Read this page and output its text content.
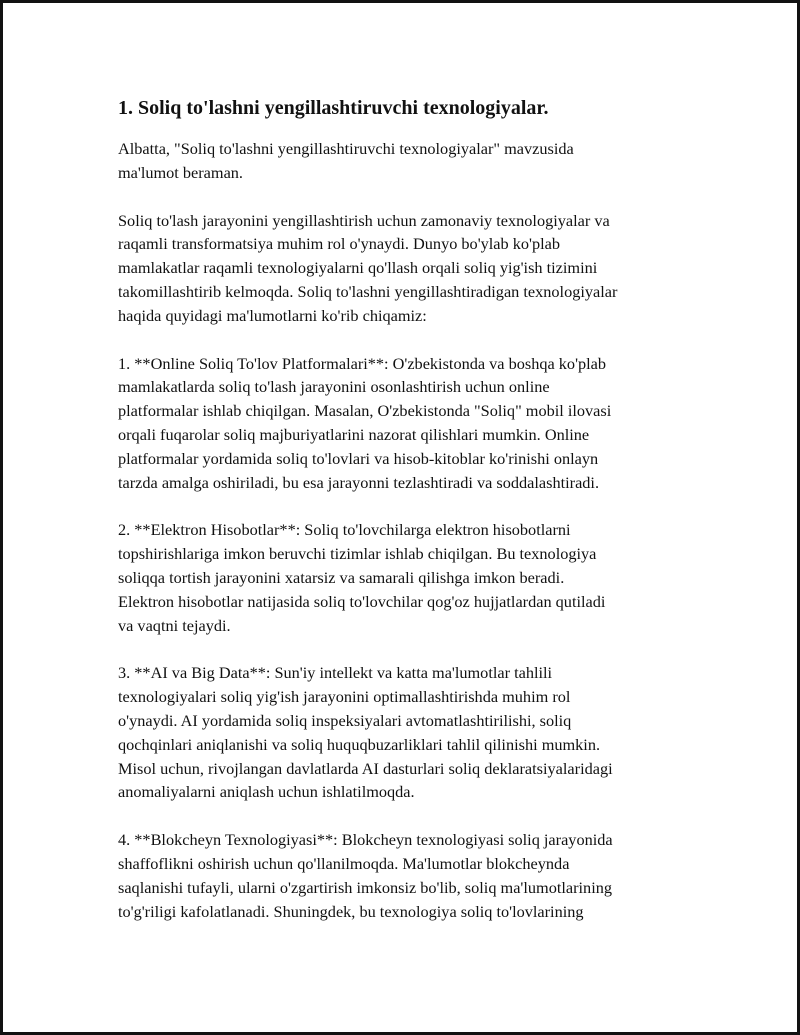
1. Soliq to'lashni yengillashtiruvchi texnologiyalar.

Albatta, "Soliq to'lashni yengillashtiruvchi texnologiyalar" mavzusida
ma'lumot beraman.

Soliq to'lash jarayonini yengillashtirish uchun zamonaviy texnologiyalar va
raqamli transformatsiya muhim rol o'ynaydi. Dunyo bo'ylab ko'plab
mamlakatlar raqamli texnologiyalarni qo'llash orqali soliq yig'ish tizimini
takomillashtirib kelmoqda. Soliq to'lashni yengillashtiradigan texnologiyalar
haqida quyidagi ma'lumotlarni ko'rib chiqamiz:

1. **Online Soliq To'lov Platformalari**: O'zbekistonda va boshqa ko'plab
mamlakatlarda soliq to'lash jarayonini osonlashtirish uchun online
platformalar ishlab chiqilgan. Masalan, O'zbekistonda "Soliq" mobil ilovasi
orqali fuqarolar soliq majburiyatlarini nazorat qilishlari mumkin. Online
platformalar yordamida soliq to'lovlari va hisob-kitoblar ko'rinishi onlayn
tarzda amalga oshiriladi, bu esa jarayonni tezlashtiradi va soddalashtiradi.

2. **Elektron Hisobotlar**: Soliq to'lovchilarga elektron hisobotlarni
topshirishlariga imkon beruvchi tizimlar ishlab chiqilgan. Bu texnologiya
soliqqa tortish jarayonini xatarsiz va samarali qilishga imkon beradi.
Elektron hisobotlar natijasida soliq to'lovchilar qog'oz hujjatlardan qutiladi
va vaqtni tejaydi.

3. **AI va Big Data**: Sun'iy intellekt va katta ma'lumotlar tahlili
texnologiyalari soliq yig'ish jarayonini optimallashtirishda muhim rol
o'ynaydi. AI yordamida soliq inspeksiyalari avtomatlashtirilishi, soliq
qochqinlari aniqlanishi va soliq huquqbuzarliklari tahlil qilinishi mumkin.
Misol uchun, rivojlangan davlatlarda AI dasturlari soliq deklaratsiyalaridagi
anomaliyalarni aniqlash uchun ishlatilmoqda.

4. **Blokcheyn Texnologiyasi**: Blokcheyn texnologiyasi soliq jarayonida
shaffoflikni oshirish uchun qo'llanilmoqda. Ma'lumotlar blokcheynda
saqlanishi tufayli, ularni o'zgartirish imkonsiz bo'lib, soliq ma'lumotlarining
to'g'riligi kafolatlanadi. Shuningdek, bu texnologiya soliq to'lovlarining
